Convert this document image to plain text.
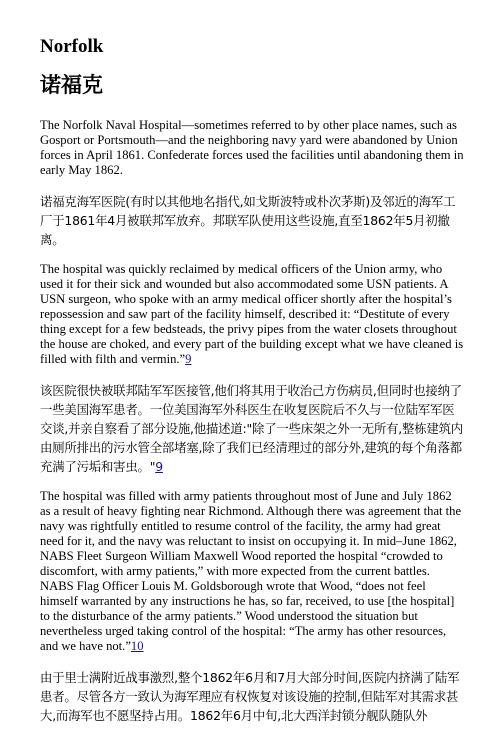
Norfolk
诺福克

The Norfolk Naval Hospital—sometimes referred to by other place names, such as Gosport or Portsmouth—and the neighboring navy yard were abandoned by Union forces in April 1861. Confederate forces used the facilities until abandoning them in early May 1862.

诺福克海军医院(有时以其他地名指代,如戈斯波特或朴次茅斯)及邻近的海军工厂于1861年4月被联邦军放弃。邦联军队使用这些设施,直至1862年5月初撤离。

The hospital was quickly reclaimed by medical officers of the Union army, who used it for their sick and wounded but also accommodated some USN patients. A USN surgeon, who spoke with an army medical officer shortly after the hospital’s repossession and saw part of the facility himself, described it: “Destitute of every thing except for a few bedsteads, the privy pipes from the water closets throughout the house are choked, and every part of the building except what we have cleaned is filled with filth and vermin.”9

该医院很快被联邦陆军军医接管,他们将其用于收治己方伤病员,但同时也接纳了一些美国海军患者。一位美国海军外科医生在收复医院后不久与一位陆军军医交谈,并亲自察看了部分设施,他描述道:"除了一些床架之外一无所有,整栋建筑内由厕所排出的污水管全部堵塞,除了我们已经清理过的部分外,建筑的每个角落都充满了污垢和害虫。"9

The hospital was filled with army patients throughout most of June and July 1862 as a result of heavy fighting near Richmond. Although there was agreement that the navy was rightfully entitled to resume control of the facility, the army had great need for it, and the navy was reluctant to insist on occupying it. In mid–June 1862, NABS Fleet Surgeon William Maxwell Wood reported the hospital “crowded to discomfort, with army patients,” with more expected from the current battles. NABS Flag Officer Louis M. Goldsborough wrote that Wood, “does not feel himself warranted by any instructions he has, so far, received, to use [the hospital] to the disturbance of the army patients.” Wood understood the situation but nevertheless urged taking control of the hospital: “The army has other resources, and we have not.”10

由于里士满附近战事激烈,整个1862年6月和7月大部分时间,医院内挤满了陆军患者。尽管各方一致认为海军理应有权恢复对该设施的控制,但陆军对其需求甚大,而海军也不愿坚持占用。1862年6月中旬,北大西洋封锁分舰队随队外
